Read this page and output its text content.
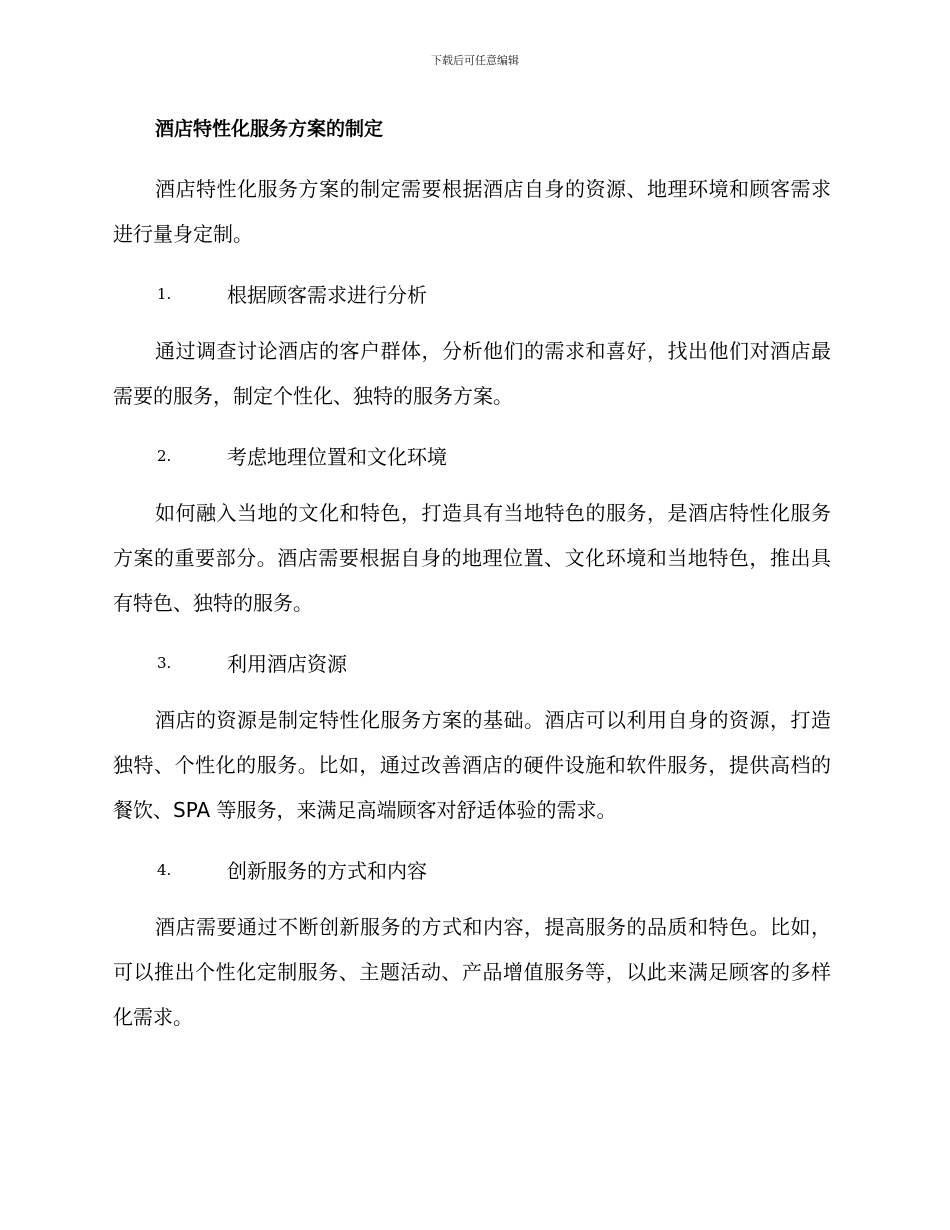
下载后可任意编辑
酒店特性化服务方案的制定

酒店特性化服务方案的制定需要根据酒店自身的资源、地理环境和顾客需求进行量身定制。

1.	根据顾客需求进行分析

通过调查讨论酒店的客户群体，分析他们的需求和喜好，找出他们对酒店最需要的服务，制定个性化、独特的服务方案。

2.	考虑地理位置和文化环境

如何融入当地的文化和特色，打造具有当地特色的服务，是酒店特性化服务方案的重要部分。酒店需要根据自身的地理位置、文化环境和当地特色，推出具有特色、独特的服务。

3.	利用酒店资源

酒店的资源是制定特性化服务方案的基础。酒店可以利用自身的资源，打造独特、个性化的服务。比如，通过改善酒店的硬件设施和软件服务，提供高档的餐饮、SPA 等服务，来满足高端顾客对舒适体验的需求。

4.	创新服务的方式和内容

酒店需要通过不断创新服务的方式和内容，提高服务的品质和特色。比如，可以推出个性化定制服务、主题活动、产品增值服务等，以此来满足顾客的多样化需求。
